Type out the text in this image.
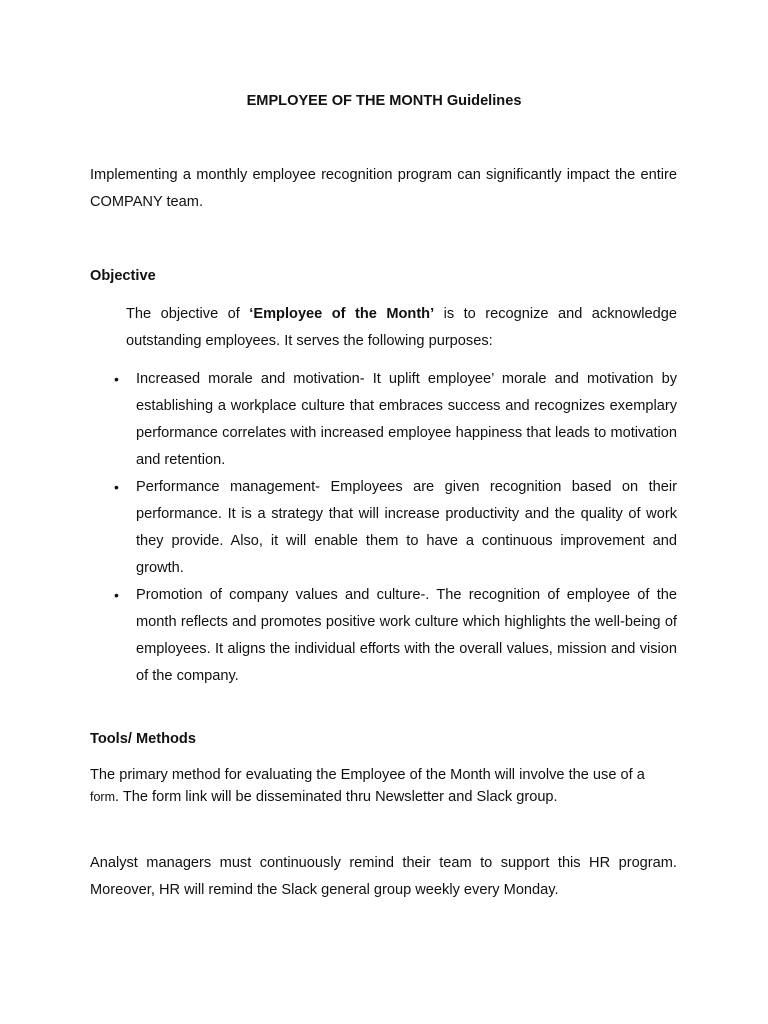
EMPLOYEE OF THE MONTH Guidelines
Implementing a monthly employee recognition program can significantly impact the entire COMPANY team.
Objective
The objective of ‘Employee of the Month’ is to recognize and acknowledge outstanding employees. It serves the following purposes:
• Increased morale and motivation- It uplift employee’ morale and motivation by establishing a workplace culture that embraces success and recognizes exemplary performance correlates with increased employee happiness that leads to motivation and retention.
• Performance management- Employees are given recognition based on their performance. It is a strategy that will increase productivity and the quality of work they provide. Also, it will enable them to have a continuous improvement and growth.
• Promotion of company values and culture-. The recognition of employee of the month reflects and promotes positive work culture which highlights the well-being of employees. It aligns the individual efforts with the overall values, mission and vision of the company.
Tools/ Methods
The primary method for evaluating the Employee of the Month will involve the use of a
form. The form link will be disseminated thru Newsletter and Slack group.
Analyst managers must continuously remind their team to support this HR program. Moreover, HR will remind the Slack general group weekly every Monday.
